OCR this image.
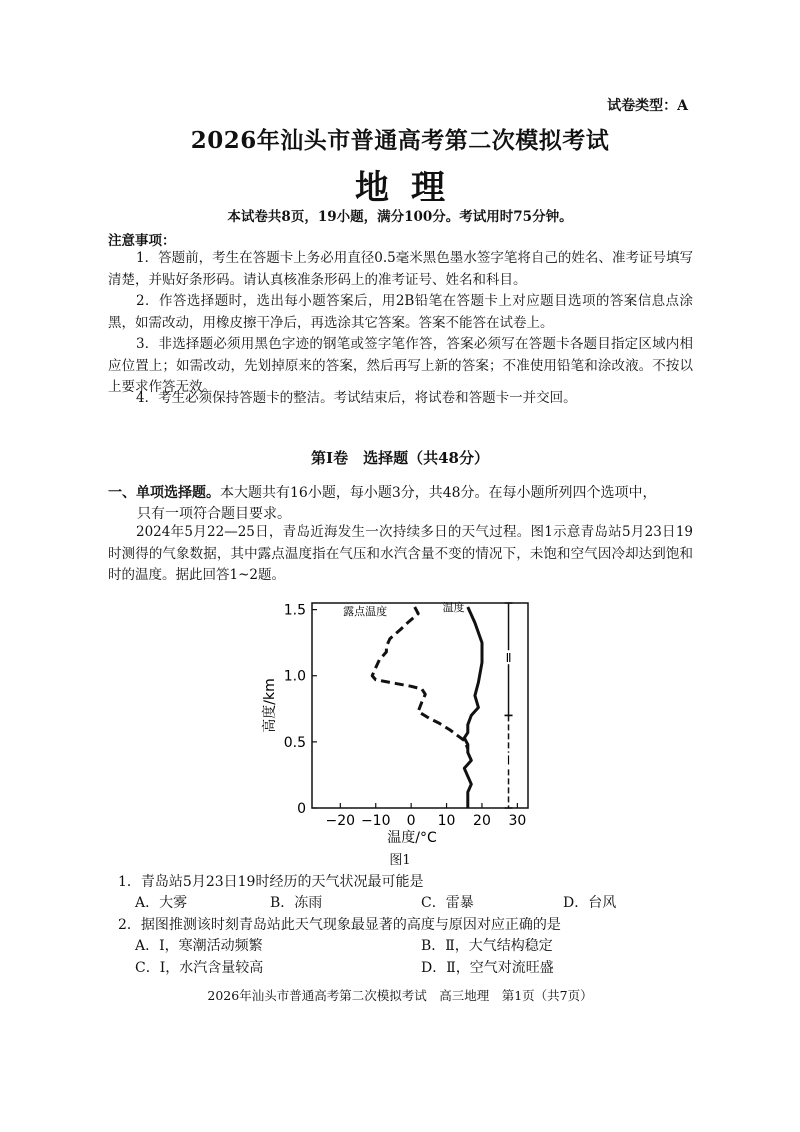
试卷类型：A
2026年汕头市普通高考第二次模拟考试
地理
本试卷共8页，19小题，满分100分。考试用时75分钟。
注意事项：
1．答题前，考生在答题卡上务必用直径0.5毫米黑色墨水签字笔将自己的姓名、准考证号填写清楚，并贴好条形码。请认真核准条形码上的准考证号、姓名和科目。
2．作答选择题时，选出每小题答案后，用2B铅笔在答题卡上对应题目选项的答案信息点涂黑，如需改动，用橡皮擦干净后，再选涂其它答案。答案不能答在试卷上。
3．非选择题必须用黑色字迹的钢笔或签字笔作答，答案必须写在答题卡各题目指定区域内相应位置上；如需改动，先划掉原来的答案，然后再写上新的答案；不准使用铅笔和涂改液。不按以上要求作答无效。
4．考生必须保持答题卡的整洁。考试结束后，将试卷和答题卡一并交回。
第Ⅰ卷　选择题（共48分）
一、单项选择题。本大题共有16小题，每小题3分，共48分。在每小题所列四个选项中，
只有一项符合题目要求。
2024年5月22—25日，青岛近海发生一次持续多日的天气过程。图1示意青岛站5月23日19时测得的气象数据，其中露点温度指在气压和水汽含量不变的情况下，未饱和空气因冷却达到饱和时的温度。据此回答1~2题。
−20 −10 0 10 20 30
0
0.5
1.0
1.5
温度/°C
高度/km
露点温度	温度
Ⅱ
Ⅰ
图1
1．青岛站5月23日19时经历的天气状况最可能是
A．大雾	B．冻雨	C．雷暴	D．台风
2．据图推测该时刻青岛站此天气现象最显著的高度与原因对应正确的是
A．Ⅰ，寒潮活动频繁	B．Ⅱ，大气结构稳定
C．Ⅰ，水汽含量较高	D．Ⅱ，空气对流旺盛
2026年汕头市普通高考第二次模拟考试　高三地理　第1页（共7页）
